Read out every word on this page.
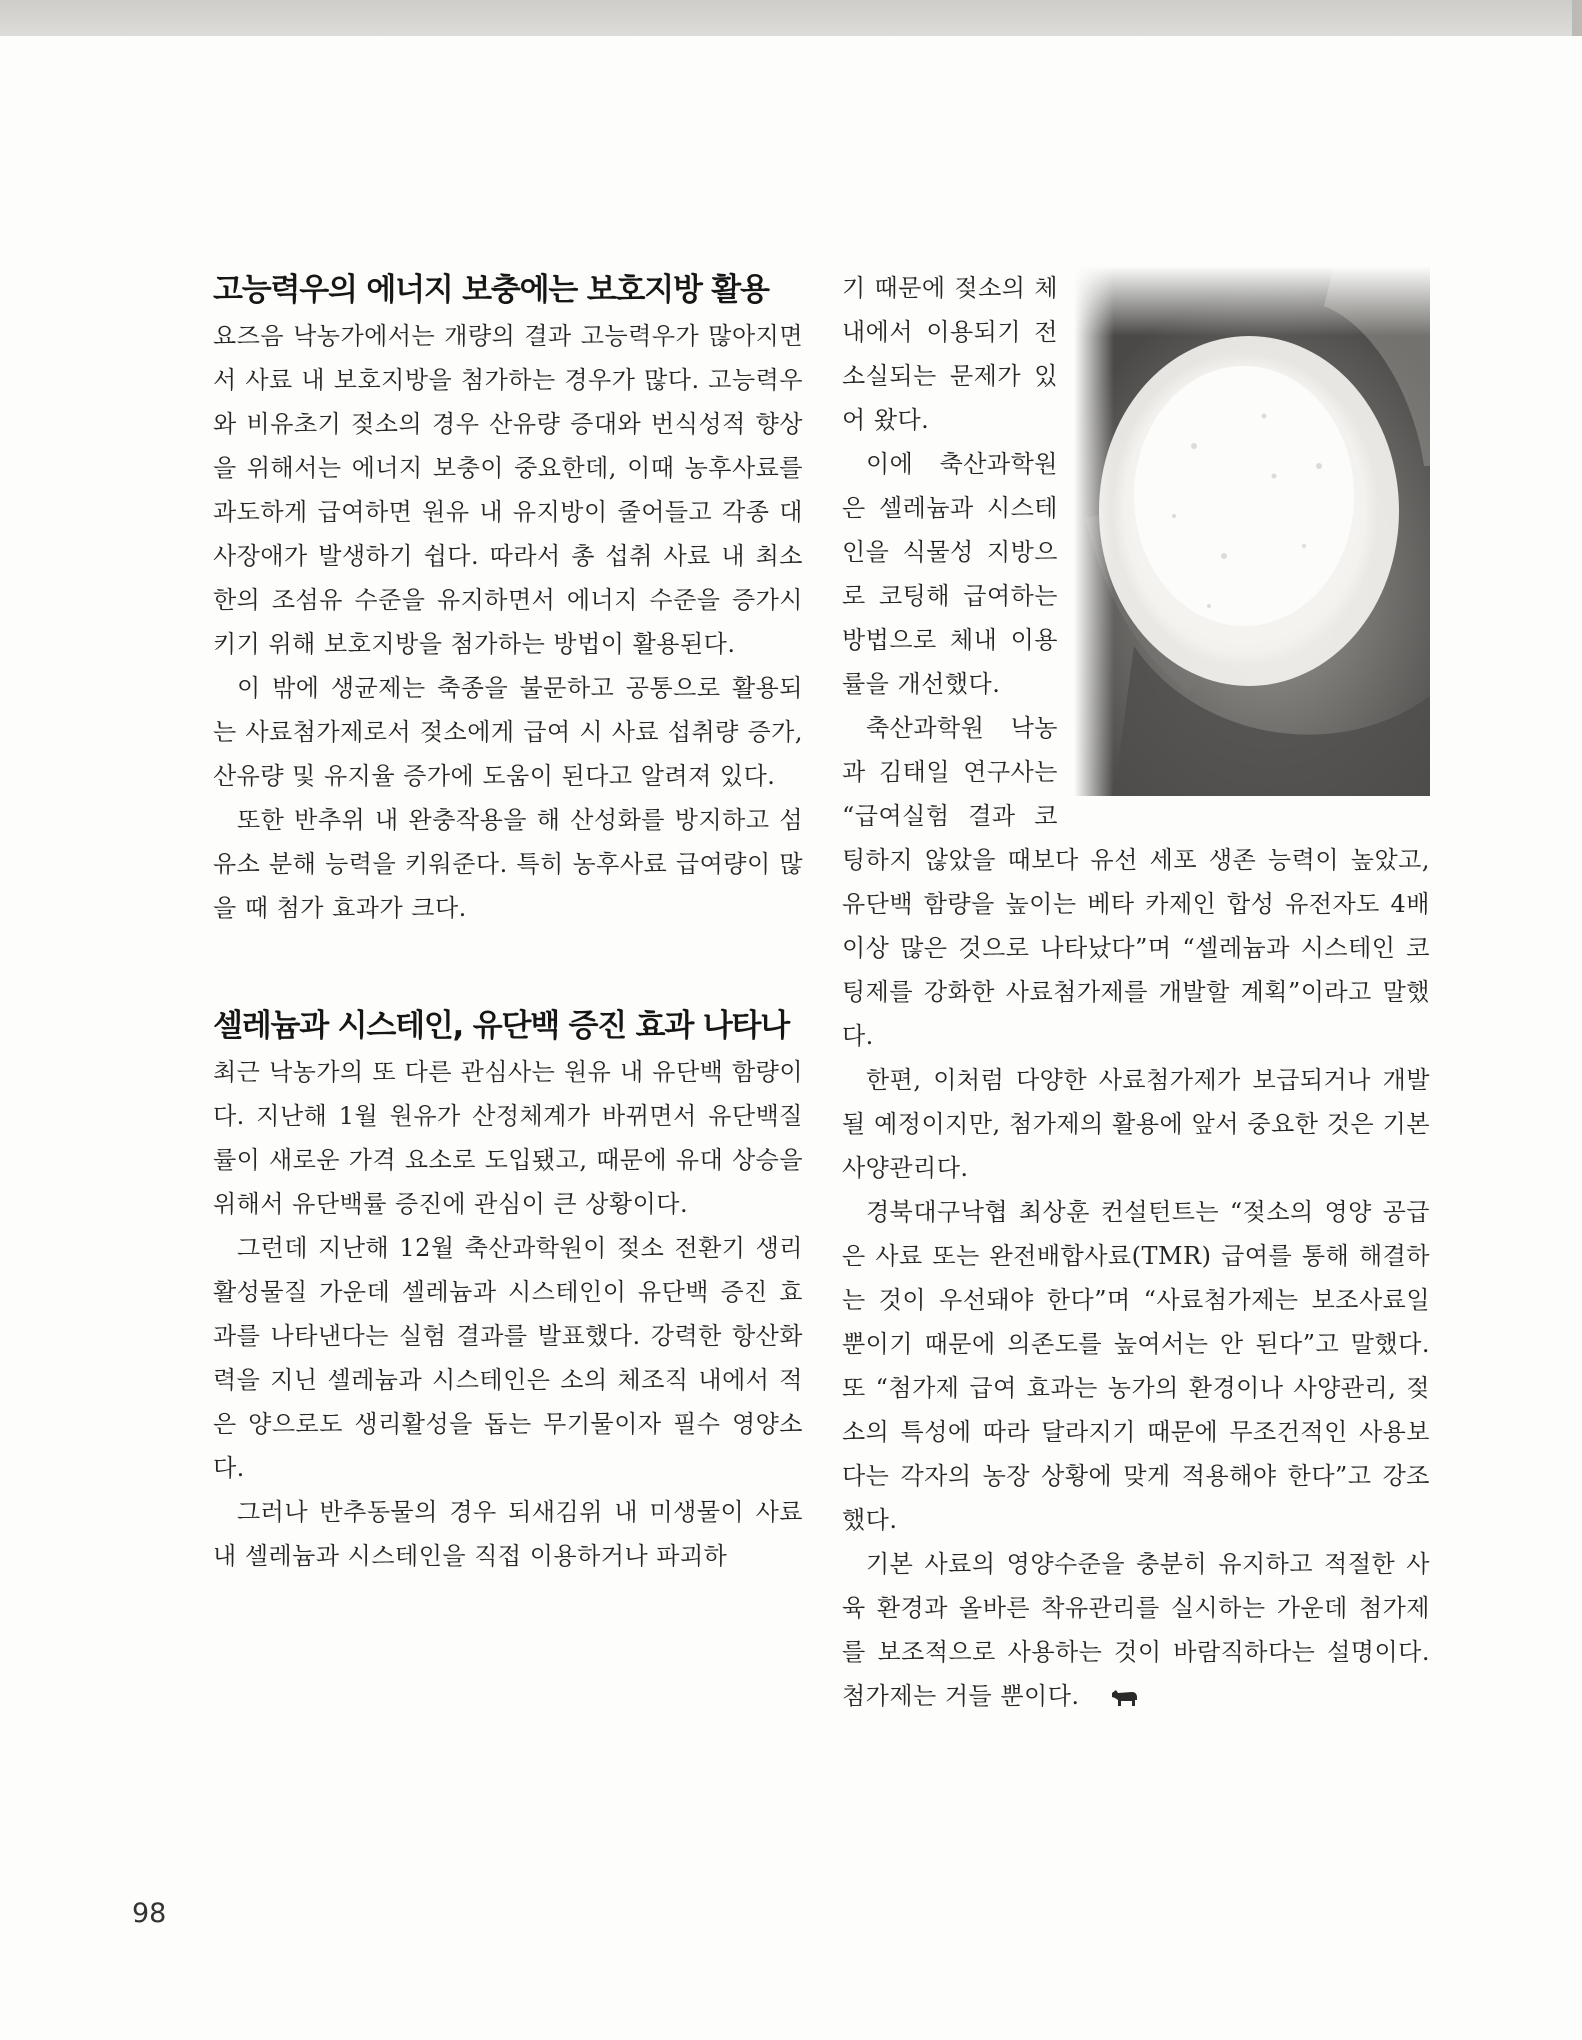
고능력우의 에너지 보충에는 보호지방 활용

요즈음 낙농가에서는 개량의 결과 고능력우가 많아지면서 사료 내 보호지방을 첨가하는 경우가 많다. 고능력우와 비유초기 젖소의 경우 산유량 증대와 번식성적 향상을 위해서는 에너지 보충이 중요한데, 이때 농후사료를 과도하게 급여하면 원유 내 유지방이 줄어들고 각종 대사장애가 발생하기 쉽다. 따라서 총 섭취 사료 내 최소한의 조섬유 수준을 유지하면서 에너지 수준을 증가시키기 위해 보호지방을 첨가하는 방법이 활용된다.

이 밖에 생균제는 축종을 불문하고 공통으로 활용되는 사료첨가제로서 젖소에게 급여 시 사료 섭취량 증가, 산유량 및 유지율 증가에 도움이 된다고 알려져 있다.

또한 반추위 내 완충작용을 해 산성화를 방지하고 섬유소 분해 능력을 키워준다. 특히 농후사료 급여량이 많을 때 첨가 효과가 크다.

셀레늄과 시스테인, 유단백 증진 효과 나타나

최근 낙농가의 또 다른 관심사는 원유 내 유단백 함량이다. 지난해 1월 원유가 산정체계가 바뀌면서 유단백질률이 새로운 가격 요소로 도입됐고, 때문에 유대 상승을 위해서 유단백률 증진에 관심이 큰 상황이다.

그런데 지난해 12월 축산과학원이 젖소 전환기 생리활성물질 가운데 셀레늄과 시스테인이 유단백 증진 효과를 나타낸다는 실험 결과를 발표했다. 강력한 항산화력을 지닌 셀레늄과 시스테인은 소의 체조직 내에서 적은 양으로도 생리활성을 돕는 무기물이자 필수 영양소다.

그러나 반추동물의 경우 되새김위 내 미생물이 사료 내 셀레늄과 시스테인을 직접 이용하거나 파괴하

기 때문에 젖소의 체내에서 이용되기 전 소실되는 문제가 있어 왔다.

이에 축산과학원은 셀레늄과 시스테인을 식물성 지방으로 코팅해 급여하는 방법으로 체내 이용률을 개선했다.

축산과학원 낙농과 김태일 연구사는 “급여실험 결과 코팅하지 않았을 때보다 유선 세포 생존 능력이 높았고, 유단백 함량을 높이는 베타 카제인 합성 유전자도 4배 이상 많은 것으로 나타났다”며 “셀레늄과 시스테인 코팅제를 강화한 사료첨가제를 개발할 계획”이라고 말했다.

한편, 이처럼 다양한 사료첨가제가 보급되거나 개발될 예정이지만, 첨가제의 활용에 앞서 중요한 것은 기본 사양관리다.

경북대구낙협 최상훈 컨설턴트는 “젖소의 영양 공급은 사료 또는 완전배합사료(TMR) 급여를 통해 해결하는 것이 우선돼야 한다”며 “사료첨가제는 보조사료일 뿐이기 때문에 의존도를 높여서는 안 된다”고 말했다. 또 “첨가제 급여 효과는 농가의 환경이나 사양관리, 젖소의 특성에 따라 달라지기 때문에 무조건적인 사용보다는 각자의 농장 상황에 맞게 적용해야 한다”고 강조했다.

기본 사료의 영양수준을 충분히 유지하고 적절한 사육 환경과 올바른 착유관리를 실시하는 가운데 첨가제를 보조적으로 사용하는 것이 바람직하다는 설명이다. 첨가제는 거들 뿐이다.

98
